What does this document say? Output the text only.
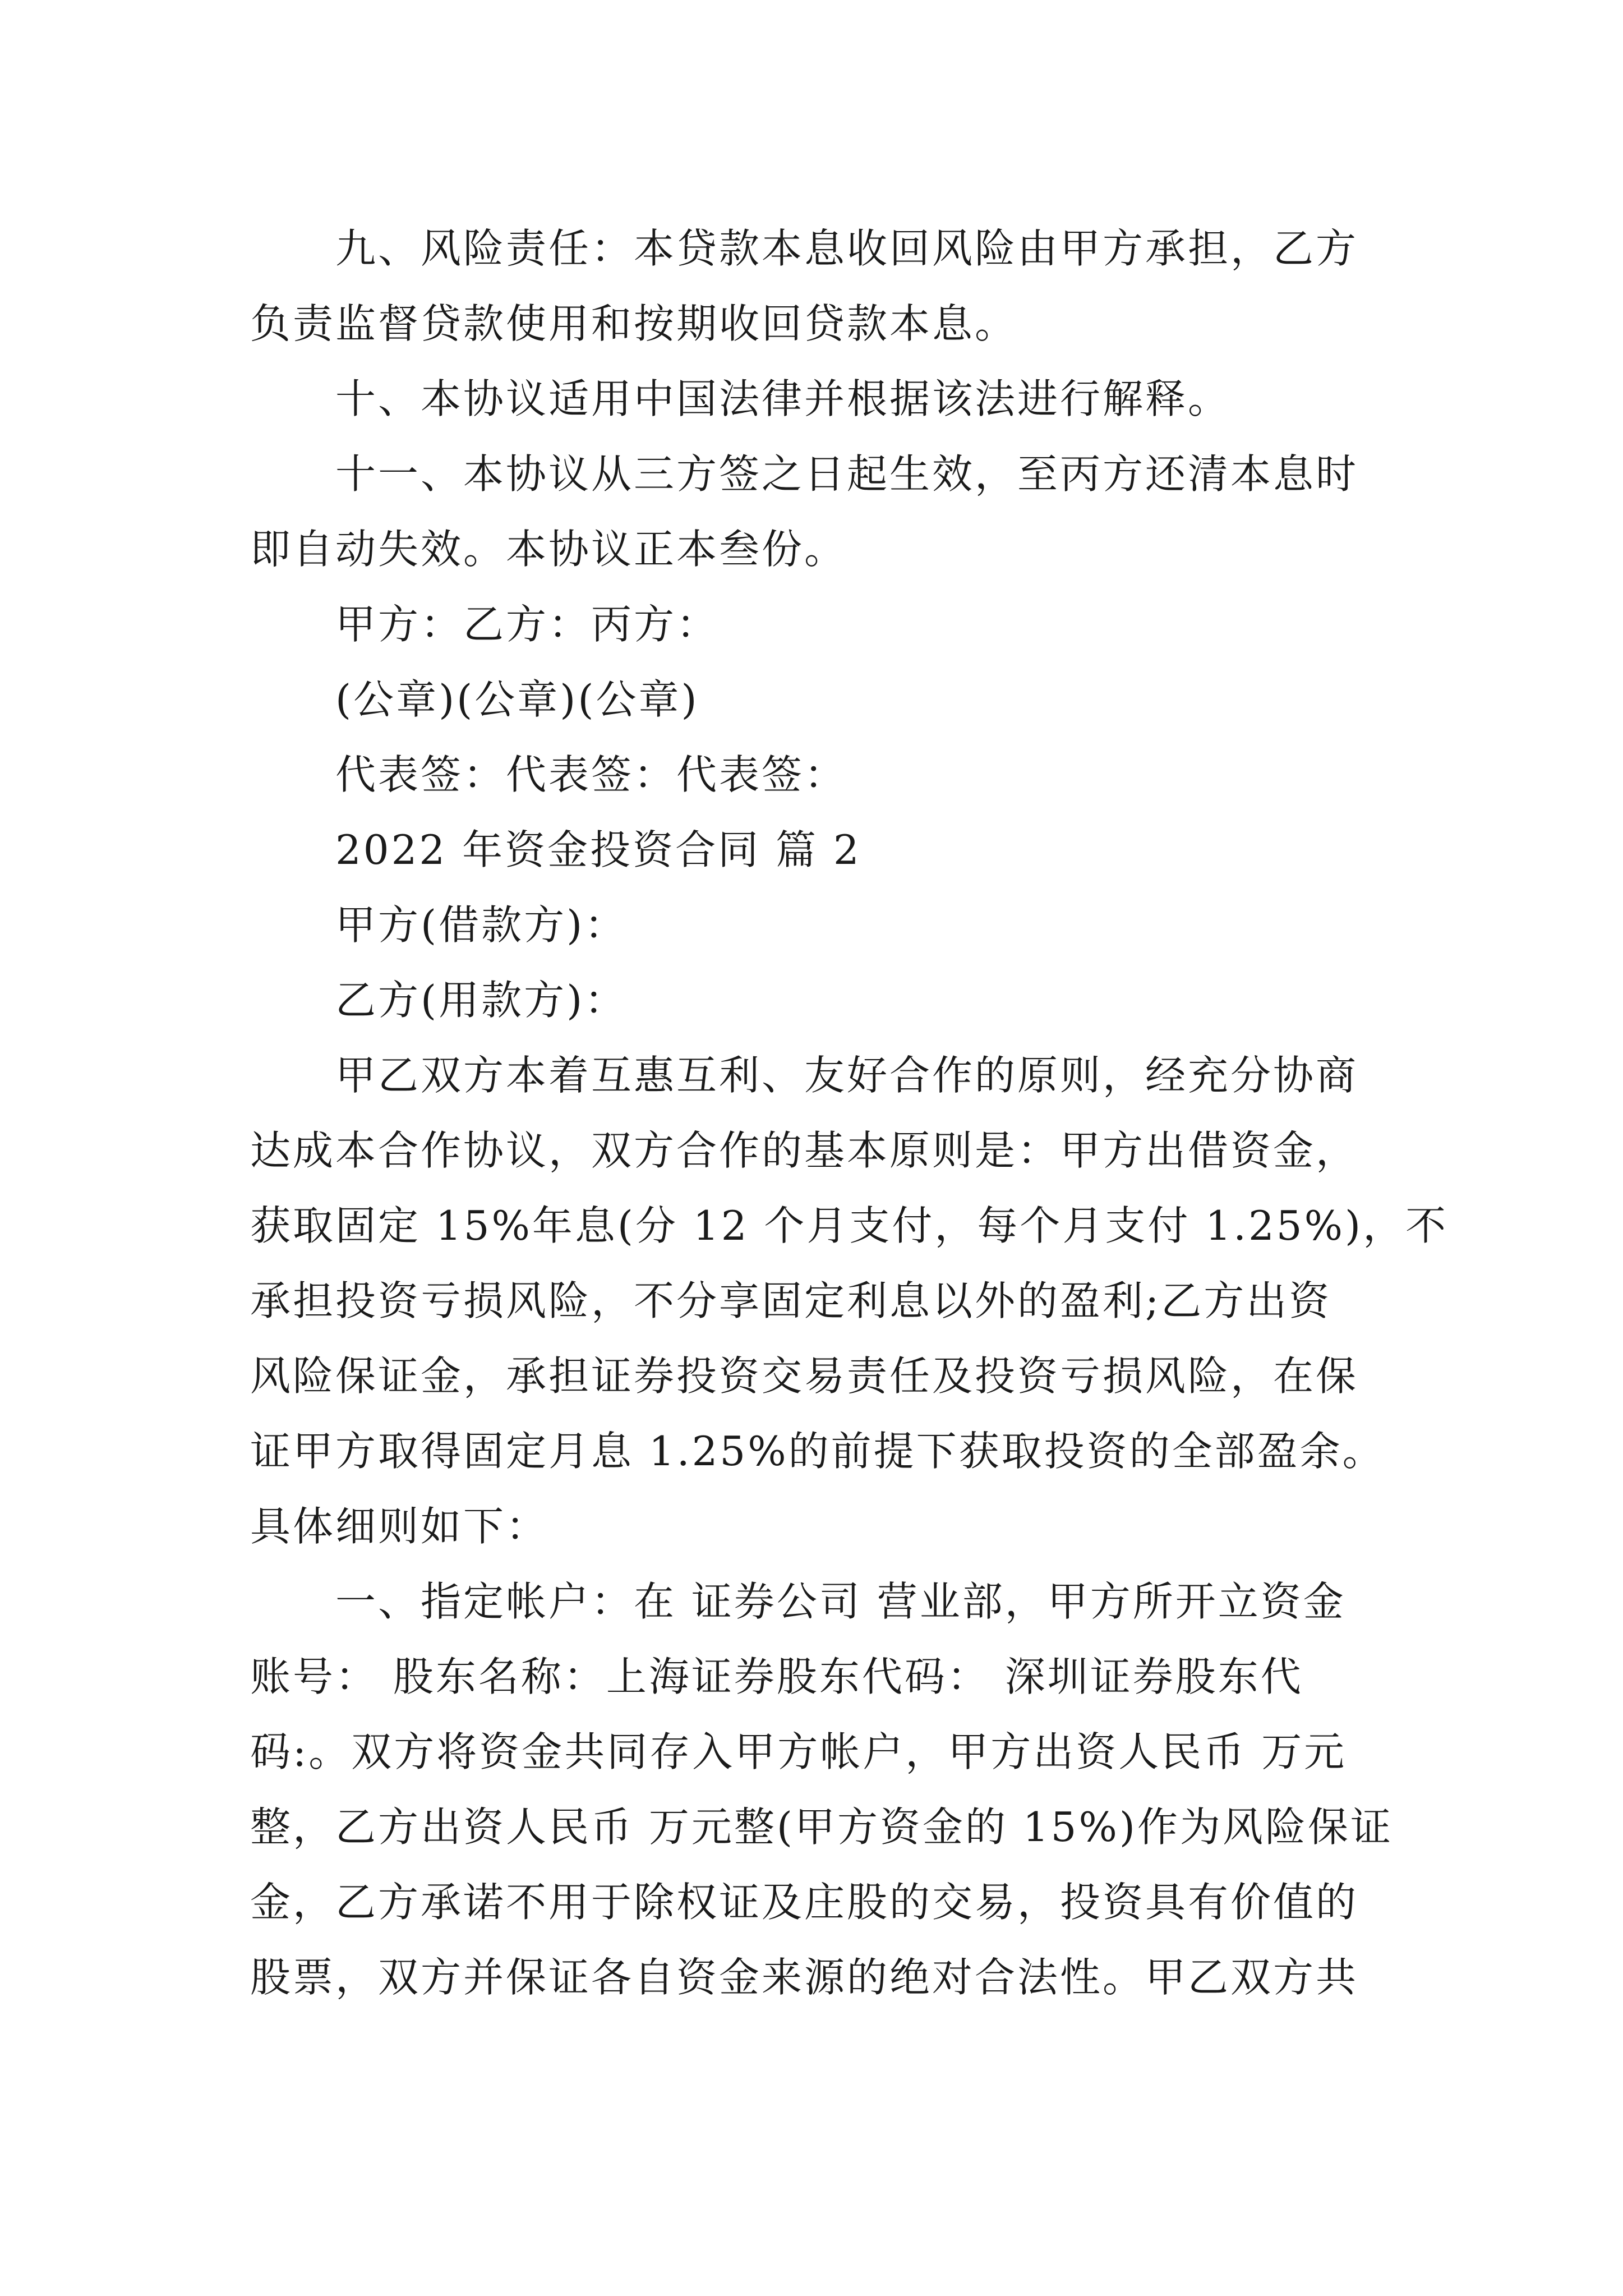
九、风险责任：本贷款本息收回风险由甲方承担，乙方
负责监督贷款使用和按期收回贷款本息。
十、本协议适用中国法律并根据该法进行解释。
十一、本协议从三方签之日起生效，至丙方还清本息时
即自动失效。本协议正本叁份。
甲方：乙方：丙方：
(公章)(公章)(公章)
代表签：代表签：代表签：
2022 年资金投资合同 篇 2
甲方(借款方)：
乙方(用款方)：
甲乙双方本着互惠互利、友好合作的原则，经充分协商
达成本合作协议，双方合作的基本原则是：甲方出借资金，
获取固定 15%年息(分 12 个月支付，每个月支付 1.25%)，不
承担投资亏损风险，不分享固定利息以外的盈利;乙方出资
风险保证金，承担证券投资交易责任及投资亏损风险，在保
证甲方取得固定月息 1.25%的前提下获取投资的全部盈余。
具体细则如下：
一、指定帐户：在 证券公司 营业部，甲方所开立资金
账号： 股东名称：上海证券股东代码： 深圳证券股东代
码:。双方将资金共同存入甲方帐户，甲方出资人民币 万元
整，乙方出资人民币 万元整(甲方资金的 15%)作为风险保证
金，乙方承诺不用于除权证及庄股的交易，投资具有价值的
股票，双方并保证各自资金来源的绝对合法性。甲乙双方共
